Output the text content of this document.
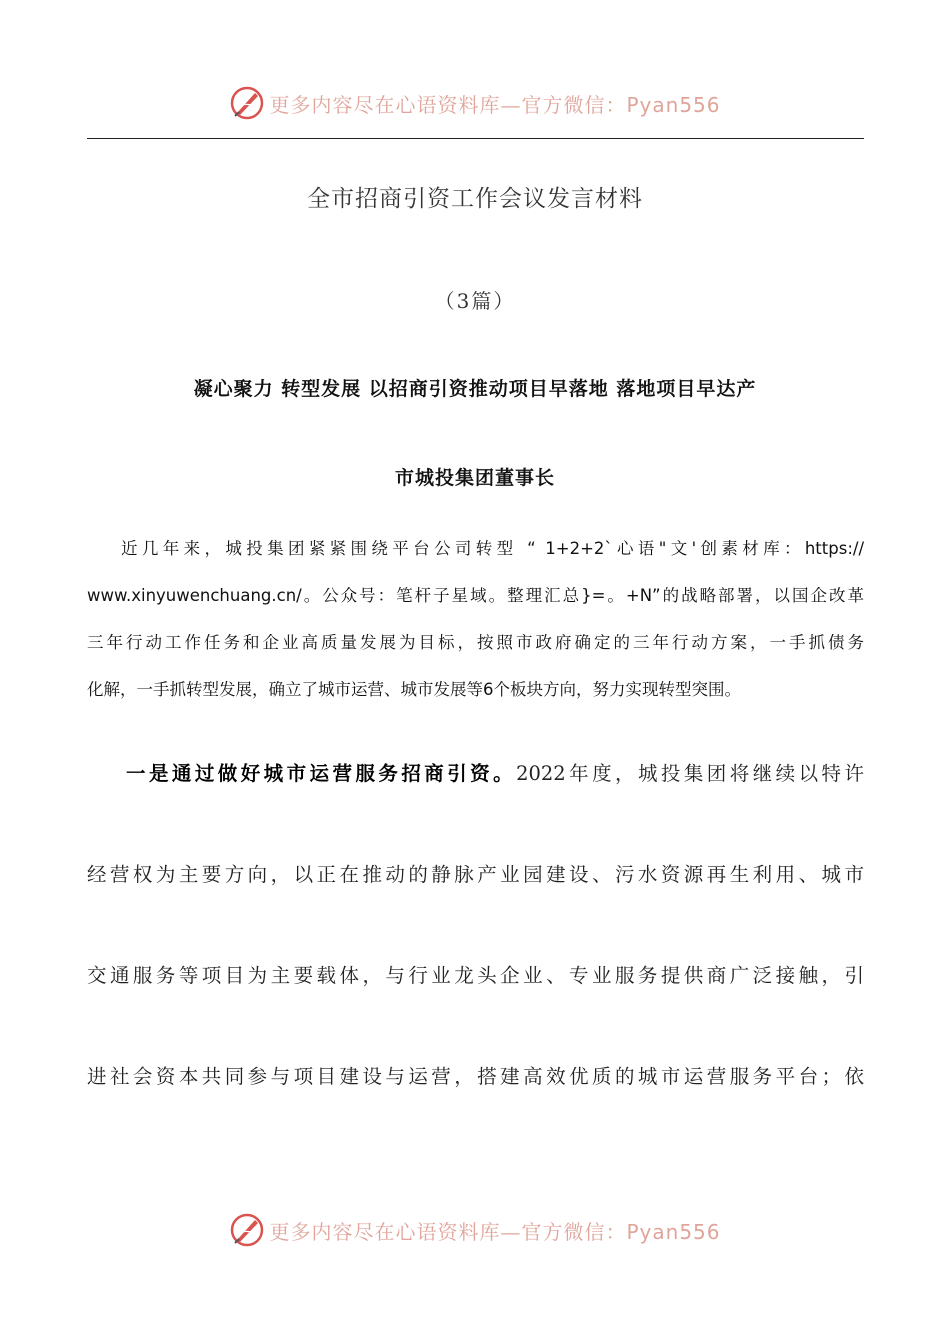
更多内容尽在心语资料库—官方微信：Pyan556
全市招商引资工作会议发言材料
（3篇）
凝心聚力 转型发展 以招商引资推动项目早落地 落地项目早达产
市城投集团董事长
近几年来，城投集团紧紧围绕平台公司转型 “ 1+2+2`心语"文'创素材库：https://
www.xinyuwenchuang.cn/。公众号：笔杆子星域。整理汇总}=。+N”的战略部署，以国企改革
三年行动工作任务和企业高质量发展为目标，按照市政府确定的三年行动方案，一手抓债务
化解，一手抓转型发展，确立了城市运营、城市发展等6个板块方向，努力实现转型突围。
一是通过做好城市运营服务招商引资。2022年度，城投集团将继续以特许
经营权为主要方向，以正在推动的静脉产业园建设、污水资源再生利用、城市
交通服务等项目为主要载体，与行业龙头企业、专业服务提供商广泛接触，引
进社会资本共同参与项目建设与运营，搭建高效优质的城市运营服务平台；依
更多内容尽在心语资料库—官方微信：Pyan556
